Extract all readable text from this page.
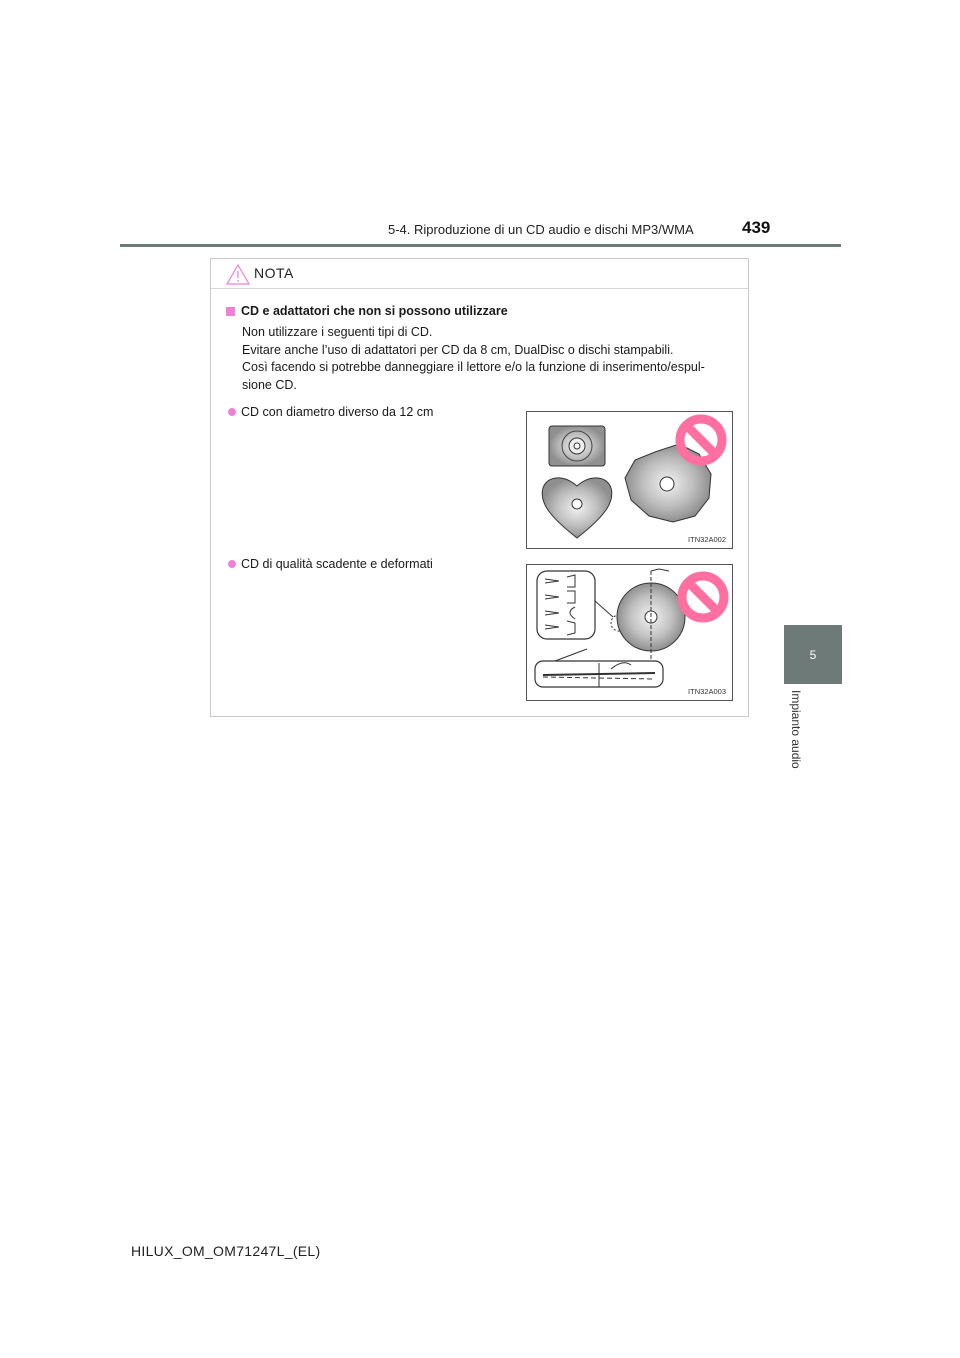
5-4. Riproduzione di un CD audio e dischi MP3/WMA	439
5
Impianto audio
NOTA
CD e adattatori che non si possono utilizzare
Non utilizzare i seguenti tipi di CD.
Evitare anche l’uso di adattatori per CD da 8 cm, DualDisc o dischi stampabili.
Così facendo si potrebbe danneggiare il lettore e/o la funzione di inserimento/espul-
sione CD.
CD con diametro diverso da 12 cm
ITN32A002
CD di qualità scadente e deformati
ITN32A003
HILUX_OM_OM71247L_(EL)
